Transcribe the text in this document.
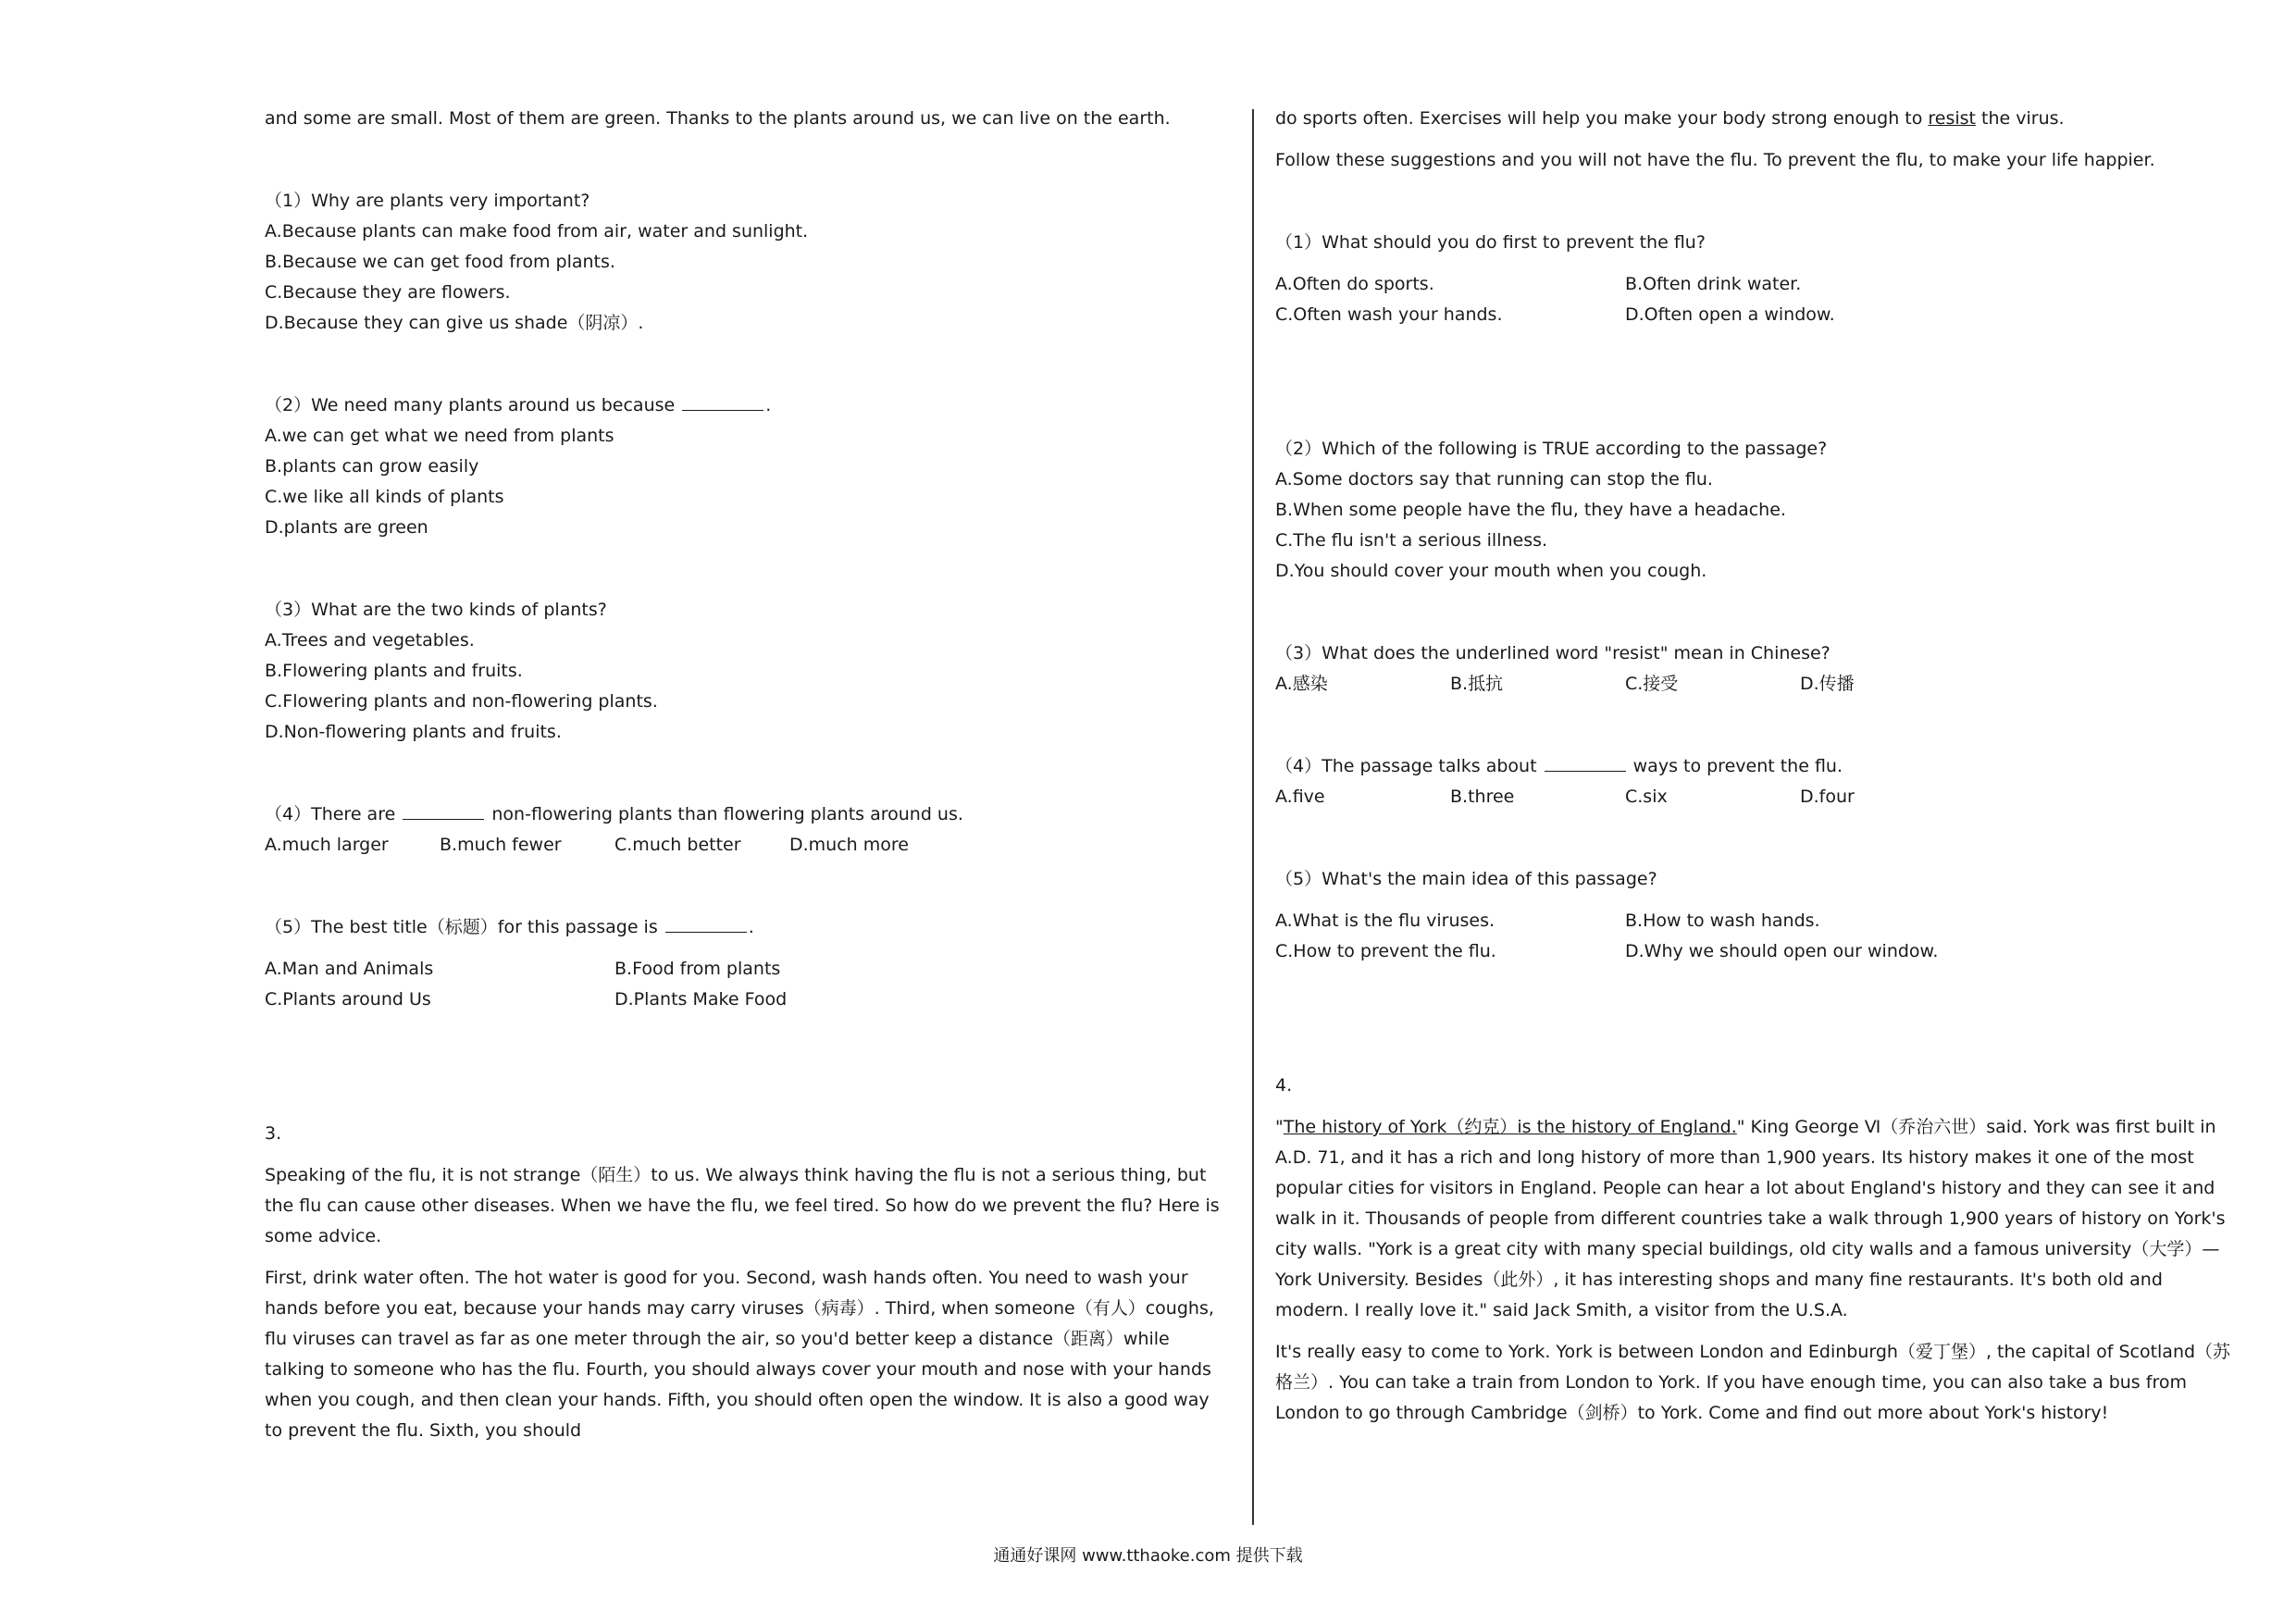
and some are small. Most of them are green. Thanks to the plants around us, we can live on the earth.
（1）Why are plants very important?
A.Because plants can make food from air, water and sunlight.
B.Because we can get food from plants.
C.Because they are flowers.
D.Because they can give us shade（阴凉）.
（2）We need many plants around us because	.
A.we can get what we need from plants
B.plants can grow easily
C.we like all kinds of plants
D.plants are green
（3）What are the two kinds of plants?
A.Trees and vegetables.
B.Flowering plants and fruits.
C.Flowering plants and non-flowering plants.
D.Non-flowering plants and fruits.
（4）There are	non-flowering plants than flowering plants around us.
A.much larger	B.much fewer	C.much better	D.much more
（5）The best title（标题）for this passage is	.
A.Man and Animals	B.Food from plants
C.Plants around Us	D.Plants Make Food
3.

Speaking of the flu, it is not strange（陌生）to us. We always think having the flu is not a serious thing, but the flu can cause other diseases. When we have the flu, we feel tired. So how do we prevent the flu? Here is some advice.

First, drink water often. The hot water is good for you. Second, wash hands often. You need to wash your hands before you eat, because your hands may carry viruses（病毒）. Third, when someone（有人）coughs, flu viruses can travel as far as one meter through the air, so you'd better keep a distance（距离）while talking to someone who has the flu. Fourth, you should always cover your mouth and nose with your hands when you cough, and then clean your hands. Fifth, you should often open the window. It is also a good way to prevent the flu. Sixth, you should

do sports often. Exercises will help you make your body strong enough to resist the virus.
Follow these suggestions and you will not have the flu. To prevent the flu, to make your life happier.
（1）What should you do first to prevent the flu?
A.Often do sports.	B.Often drink water.
C.Often wash your hands.	D.Often open a window.
（2）Which of the following is TRUE according to the passage?
A.Some doctors say that running can stop the flu.
B.When some people have the flu, they have a headache.
C.The flu isn't a serious illness.
D.You should cover your mouth when you cough.
（3）What does the underlined word "resist" mean in Chinese?
A.感染	B.抵抗	C.接受	D.传播
（4）The passage talks about	ways to prevent the flu.
A.five	B.three	C.six	D.four
（5）What's the main idea of this passage?
A.What is the flu viruses.	B.How to wash hands.
C.How to prevent the flu.	D.Why we should open our window.
4.

"The history of York（约克）is the history of England." King George Ⅵ（乔治六世）said. York was first built in A.D. 71, and it has a rich and long history of more than 1,900 years. Its history makes it one of the most popular cities for visitors in England. People can hear a lot about England's history and they can see it and walk in it. Thousands of people from different countries take a walk through 1,900 years of history on York's city walls. "York is a great city with many special buildings, old city walls and a famous university（大学）—York University. Besides（此外）, it has interesting shops and many fine restaurants. It's both old and modern. I really love it." said Jack Smith, a visitor from the U.S.A.

It's really easy to come to York. York is between London and Edinburgh（爱丁堡）, the capital of Scotland（苏格兰）. You can take a train from London to York. If you have enough time, you can also take a bus from London to go through Cambridge（剑桥）to York. Come and find out more about York's history!

通通好课网 www.tthaoke.com 提供下载
